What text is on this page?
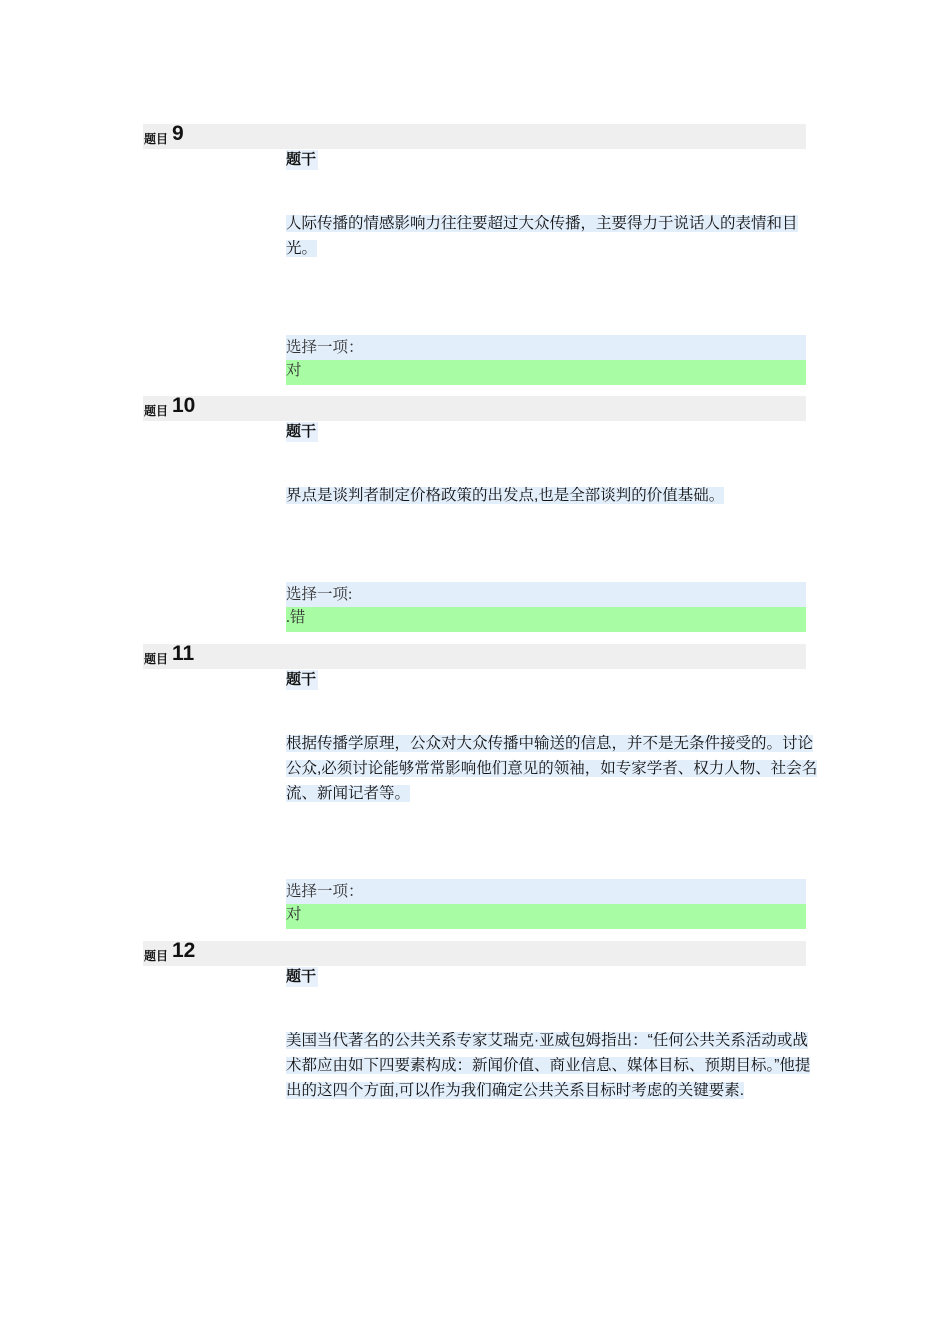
题目 9
题干
人际传播的情感影响力往往要超过大众传播，主要得力于说话人的表情和目光。
选择一项：
对
题目 10
题干
界点是谈判者制定价格政策的出发点,也是全部谈判的价值基础。
选择一项:
.错
题目 11
题干
根据传播学原理，公众对大众传播中输送的信息，并不是无条件接受的。讨论公众,必须讨论能够常常影响他们意见的领袖，如专家学者、权力人物、社会名流、新闻记者等。
选择一项：
对
题目 12
题干
美国当代著名的公共关系专家艾瑞克·亚威包姆指出：“任何公共关系活动或战术都应由如下四要素构成：新闻价值、商业信息、媒体目标、预期目标。”他提出的这四个方面,可以作为我们确定公共关系目标时考虑的关键要素.
